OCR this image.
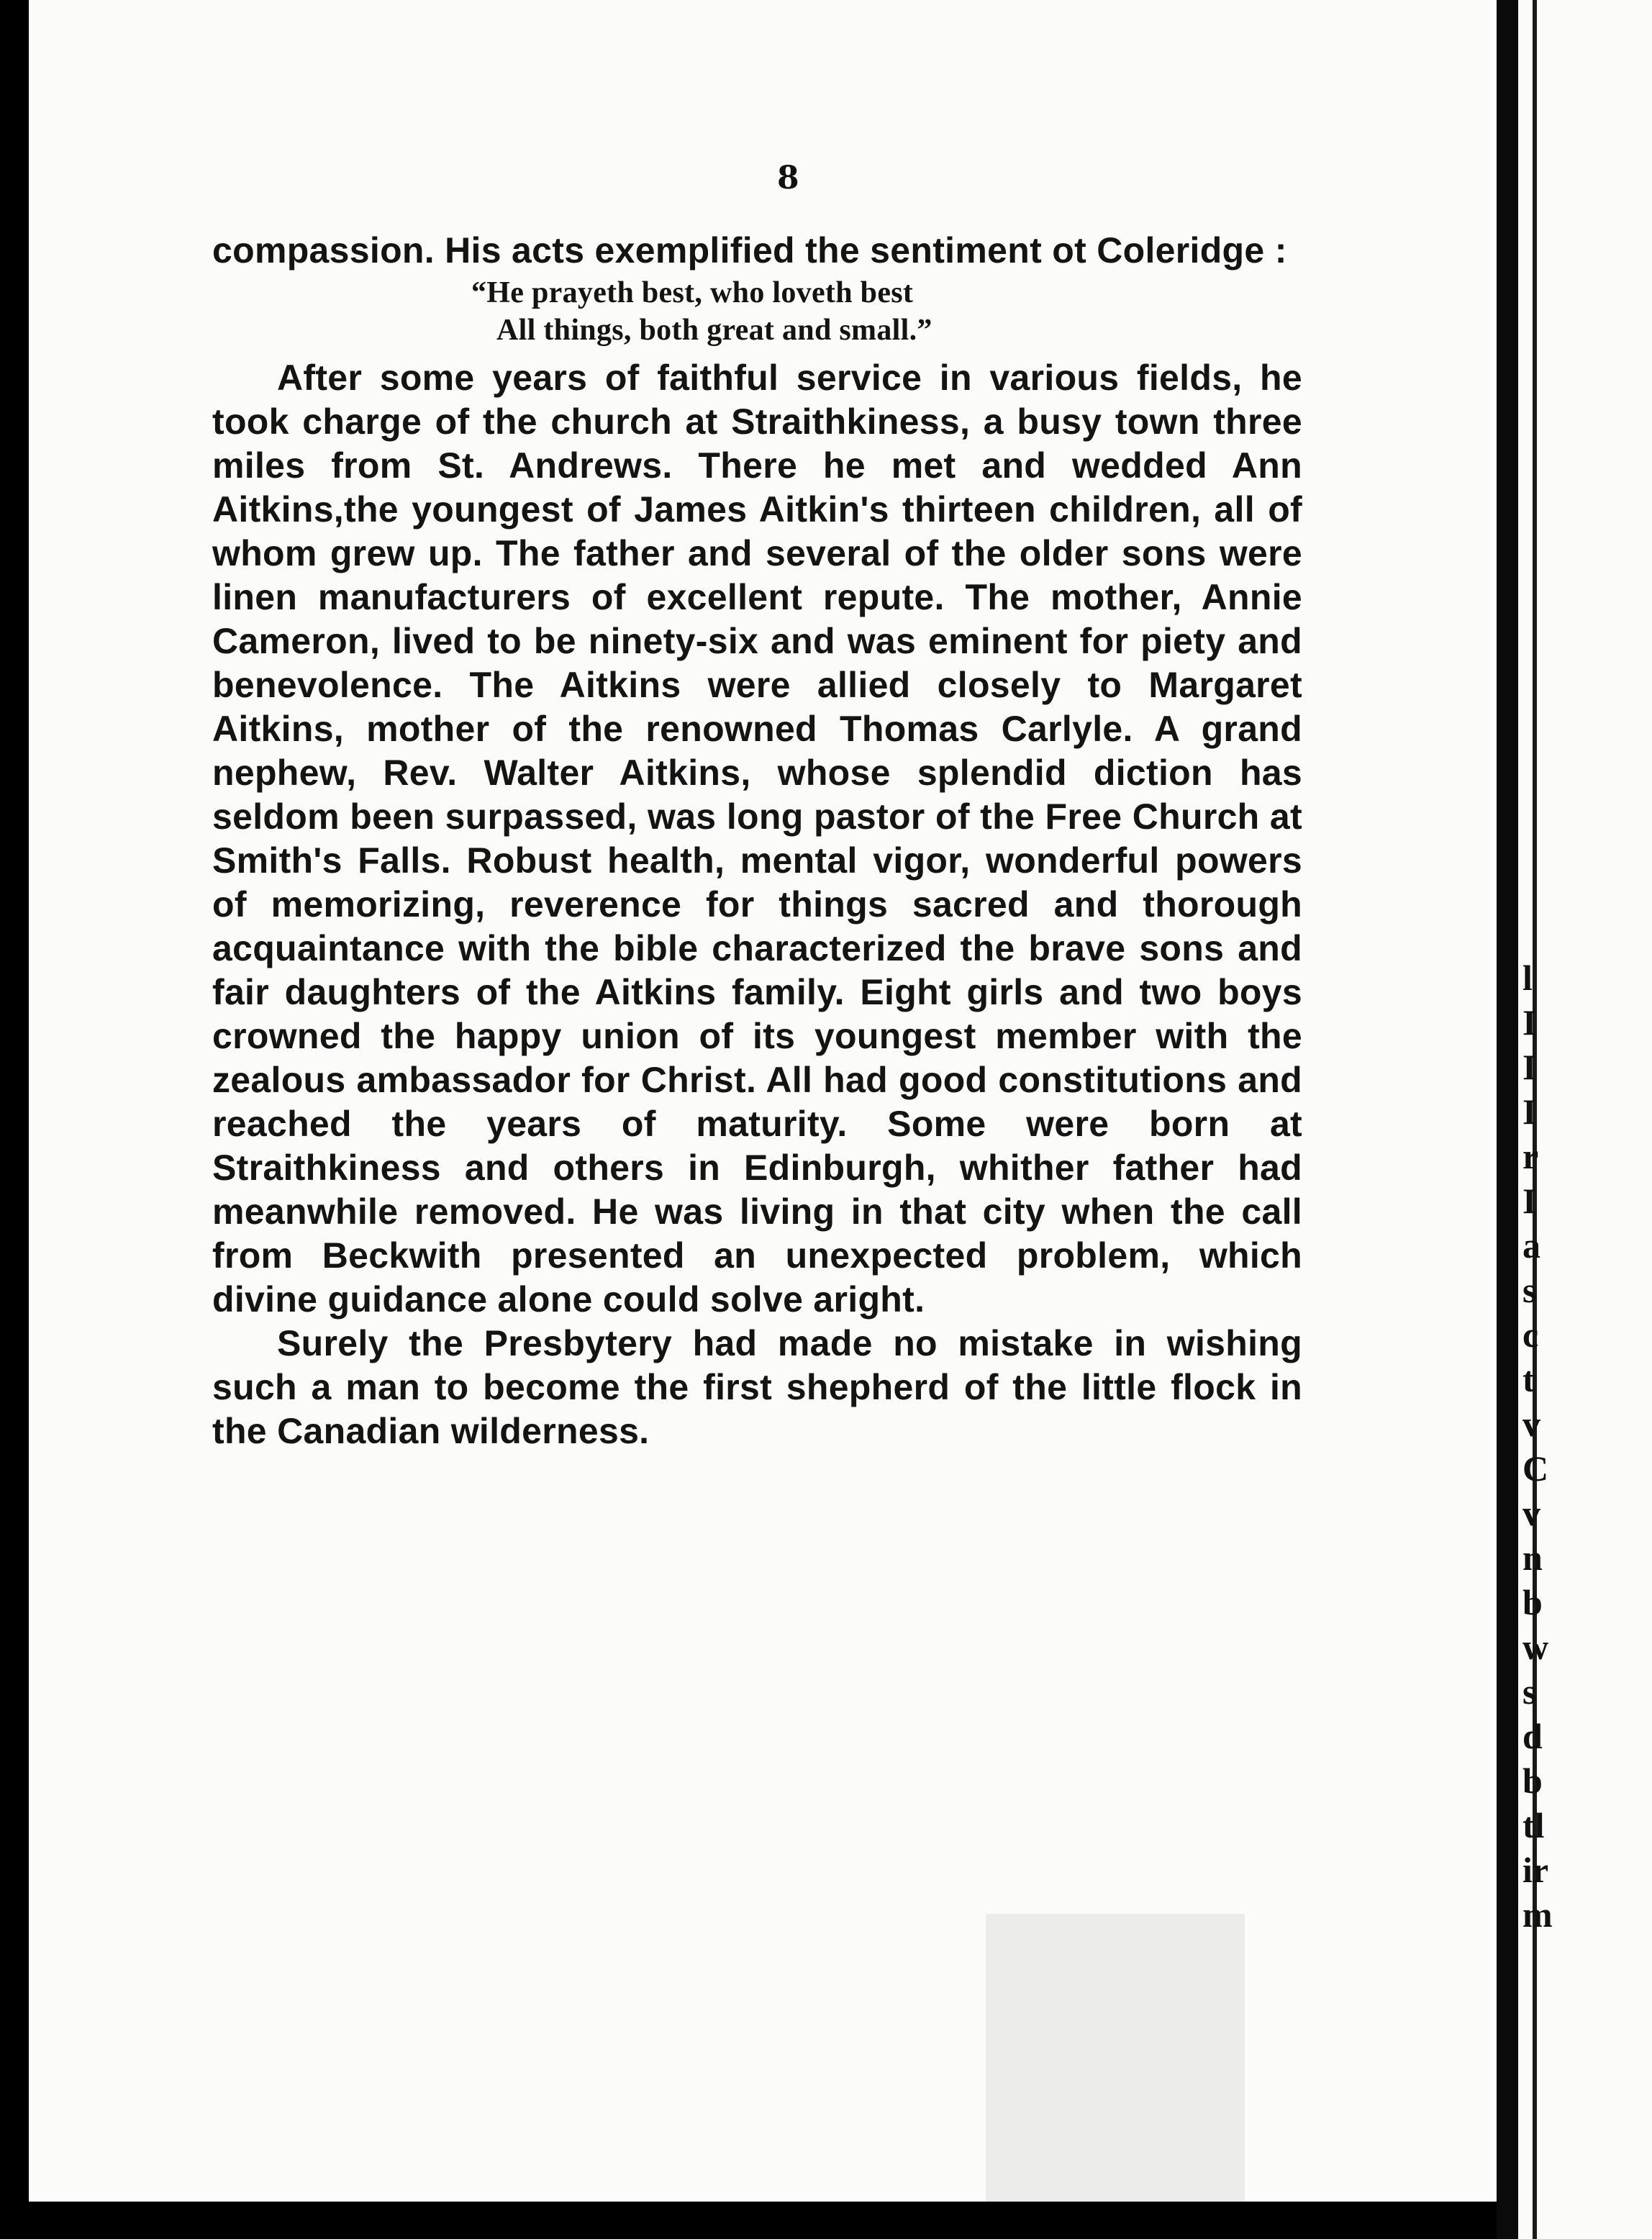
8

compassion. His acts exemplified the sentiment ot Coleridge :

“He prayeth best, who loveth best
All things, both great and small.”

After some years of faithful service in various fields, he took charge of the church at Straithkiness, a busy town three miles from St. Andrews. There he met and wedded Ann Aitkins,the youngest of James Aitkin's thirteen children, all of whom grew up. The father and several of the older sons were linen manufacturers of excellent repute. The mother, Annie Cameron, lived to be ninety-six and was eminent for piety and benevolence. The Aitkins were allied closely to Margaret Aitkins, mother of the renowned Thomas Carlyle. A grand nephew, Rev. Walter Aitkins, whose splendid diction has seldom been surpassed, was long pastor of the Free Church at Smith's Falls. Robust health, mental vigor, wonderful powers of memorizing, reverence for things sacred and thorough acquaintance with the bible characterized the brave sons and fair daughters of the Aitkins family. Eight girls and two boys crowned the happy union of its youngest member with the zealous ambassador for Christ. All had good constitutions and reached the years of maturity. Some were born at Straithkiness and others in Edinburgh, whither father had meanwhile removed. He was living in that city when the call from Beckwith presented an unexpected problem, which divine guidance alone could solve aright.

Surely the Presbytery had made no mistake in wishing such a man to become the first shepherd of the little flock in the Canadian wilderness.

l
I
I
I
r
I
a
s
c
t
v
C
v
n
b
w
s
d
b
tl
ir
m
